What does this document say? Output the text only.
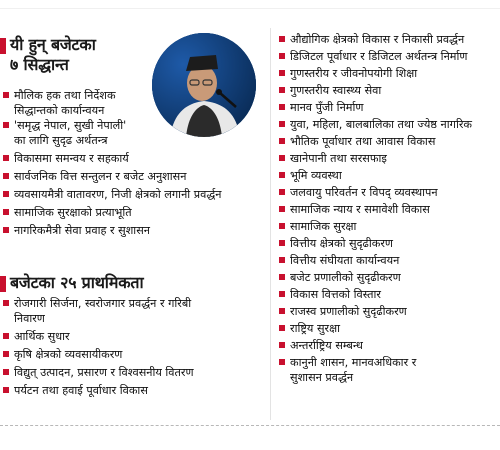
यी हुन् बजेटका
७ सिद्धान्त
मौलिक हक तथा निर्देशक
सिद्धान्तको कार्यान्वयन
'समृद्ध नेपाल, सुखी नेपाली'
का लागि सुदृढ अर्थतन्त्र
विकासमा समन्वय र सहकार्य
सार्वजनिक वित्त सन्तुलन र बजेट अनुशासन
व्यवसायमैत्री वातावरण, निजी क्षेत्रको लगानी प्रवर्द्धन
सामाजिक सुरक्षाको प्रत्याभूति
नागरिकमैत्री सेवा प्रवाह र सुशासन
बजेटका २५ प्राथमिकता
रोजगारी सिर्जना, स्वरोजगार प्रवर्द्धन र गरिबी
निवारण
आर्थिक सुधार
कृषि क्षेत्रको व्यवसायीकरण
विद्युत् उत्पादन, प्रसारण र विश्वसनीय वितरण
पर्यटन तथा हवाई पूर्वाधार विकास
औद्योगिक क्षेत्रको विकास र निकासी प्रवर्द्धन
डिजिटल पूर्वाधार र डिजिटल अर्थतन्त्र निर्माण
गुणस्तरीय र जीवनोपयोगी शिक्षा
गुणस्तरीय स्वास्थ्य सेवा
मानव पुँजी निर्माण
युवा, महिला, बालबालिका तथा ज्येष्ठ नागरिक
भौतिक पूर्वाधार तथा आवास विकास
खानेपानी तथा सरसफाइ
भूमि व्यवस्था
जलवायु परिवर्तन र विपद् व्यवस्थापन
सामाजिक न्याय र समावेशी विकास
सामाजिक सुरक्षा
वित्तीय क्षेत्रको सुदृढीकरण
वित्तीय संघीयता कार्यान्वयन
बजेट प्रणालीको सुदृढीकरण
विकास वित्तको विस्तार
राजस्व प्रणालीको सुदृढीकरण
राष्ट्रिय सुरक्षा
अन्तर्राष्ट्रिय सम्बन्ध
कानुनी शासन, मानवअधिकार र
सुशासन प्रवर्द्धन
